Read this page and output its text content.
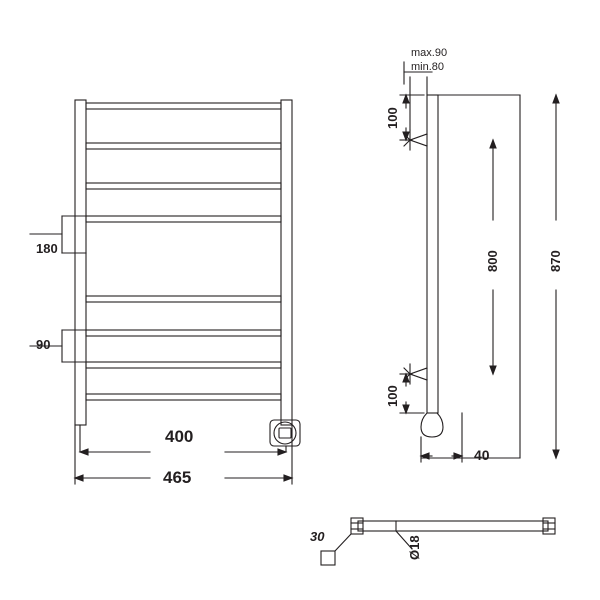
180
90
400
465
max.90
min.80
100
100
800	870
40
30	Ø18
